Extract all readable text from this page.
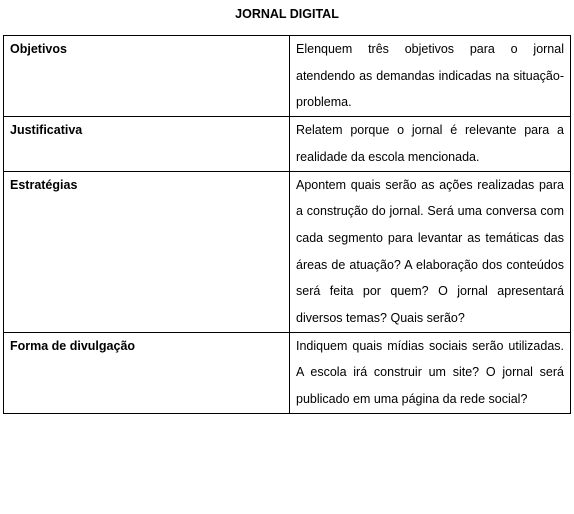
JORNAL DIGITAL
Objetivos	Elenquem três objetivos para o jornal atendendo as demandas indicadas na situação-problema.

Justificativa	Relatem porque o jornal é relevante para a realidade da escola mencionada.

Estratégias	Apontem quais serão as ações realizadas para a construção do jornal. Será uma conversa com cada segmento para levantar as temáticas das áreas de atuação? A elaboração dos conteúdos será feita por quem? O jornal apresentará diversos temas? Quais serão?

Forma de divulgação	Indiquem quais mídias sociais serão utilizadas. A escola irá construir um site? O jornal será publicado em uma página da rede social?
